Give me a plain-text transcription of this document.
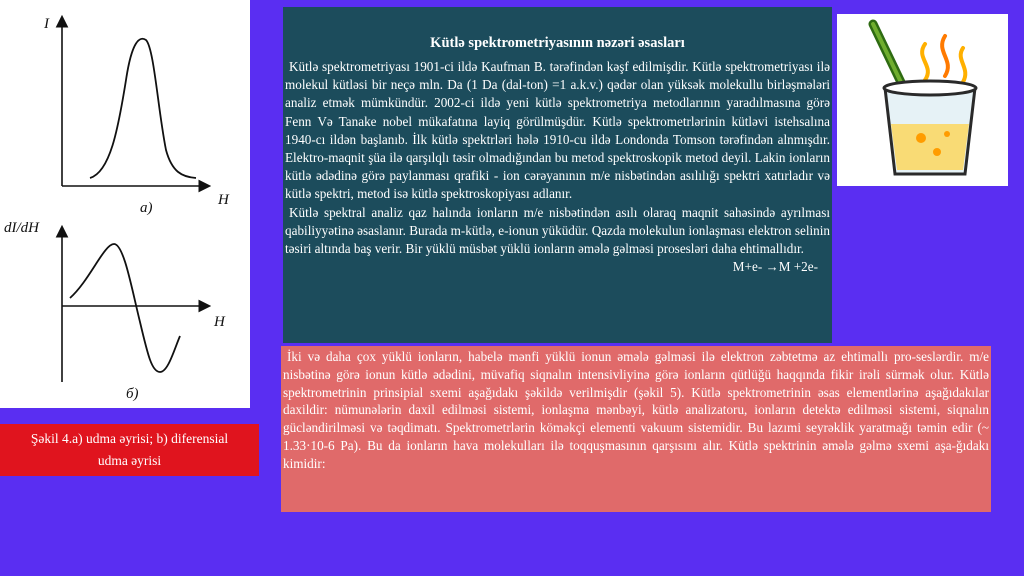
I
H
a)
dI/dH
H
б)
Şəkil 4.a) udma əyrisi; b) diferensial
udma əyrisi
Kütlə spektrometriyasının nəzəri əsasları

Kütlə spektrometriyası 1901-ci ildə Kaufman B. tərəfindən kəşf edilmişdir. Kütlə spektrometriyası ilə molekul kütləsi bir neçə mln. Da (1 Da (dal-ton) =1 a.k.v.) qədər olan yüksək molekullu birləşmələri analiz etmək mümkündür. 2002-ci ildə yeni kütlə spektrometriya metodlarının yaradılmasına görə Fenn Və Tanake nobel mükafatına layiq görülmüşdür. Kütlə spektrometrlərinin kütləvi istehsalına 1940-cı ildən başlanıb. İlk kütlə spektrləri hələ 1910-cu ildə Londonda Tomson tərəfindən alnmışdır. Elektro-maqnit şüa ilə qarşılqlı təsir olmadığından bu metod spektroskopik metod deyil. Lakin ionların kütlə ədədinə görə paylanması qrafiki - ion cərəyanının m/e nisbətindən asılılığı spektri xatırladır və kütlə spektri, metod isə kütlə spektroskopiyası adlanır.

Kütlə spektral analiz qaz halında ionların m/e nisbətindən asılı olaraq maqnit sahəsində ayrılması qabiliyyətinə əsaslanır. Burada m-kütlə, e-ionun yüküdür. Qazda molekulun ionlaşması elektron selinin təsiri altında baş verir. Bir yüklü müsbət yüklü ionların əmələ gəlməsi prosesləri daha ehtimallıdır.
M+e- →M +2e-

İki və daha çox yüklü ionların, habelə mənfi yüklü ionun əmələ gəlməsi ilə elektron zəbtetmə az ehtimallı pro-seslərdir. m/e nisbətinə görə ionun kütlə ədədini, müvafiq siqnalın intensivliyinə görə ionların qütlüğü haqqında fikir irəli sürmək olur. Kütlə spektrometrinin prinsipial sxemi aşağıdakı şəkildə verilmişdir (şəkil 5). Kütlə spektrometrinin əsas elementlərinə aşağıdakılar daxildir: nümunələrin daxil edilməsi sistemi, ionlaşma mənbəyi, kütlə analizatoru, ionların detektə edilməsi sistemi, siqnalın gücləndirilməsi və təqdimatı. Spektrometrlərin köməkçi elementi vakuum sistemidir. Bu lazımi seyrəklik yaratmağı təmin edir (~ 1.33·10-6 Pa). Bu da ionların hava molekulları ilə toqquşmasının qarşısını alır. Kütlə spektrinin əmələ gəlmə sxemi aşa-ğıdakı kimidir:
